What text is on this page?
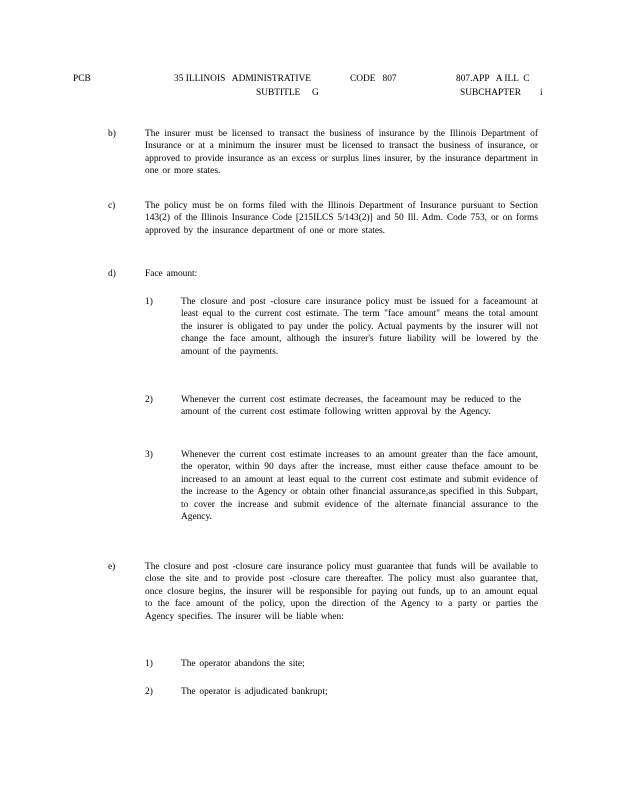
PCB	35 ILLINOIS   ADMINISTRATIVE	CODE   807	807.APP   A ILL  C
SUBTITLE     G	SUBCHAPTER i
b)	The insurer must be licensed to transact the business of insurance by the Illinois Department of Insurance or at a minimum the insurer must be licensed to transact the business of insurance, or approved to provide insurance as an excess or surplus lines insurer, by the insurance department in one or more states.
c)	The policy must be on forms filed with the Illinois Department of Insurance pursuant to Section 143(2) of the Illinois Insurance Code [215ILCS 5/143(2)] and 50 Ill. Adm. Code 753, or on forms approved by the insurance department of one or more states.
d)	Face amount:
1)	The closure and post -closure care insurance policy must be issued for a faceamount at least equal to the current cost estimate. The term "face amount" means the total amount the insurer is obligated to pay under the policy. Actual payments by the insurer will not change the face amount, although the insurer's future liability will be lowered by the amount of the payments.
2)	Whenever the current cost estimate decreases, the faceamount may be reduced to the amount of the current cost estimate following written approval by the Agency.
3)	Whenever the current cost estimate increases to an amount greater than the face amount, the operator, within 90 days after the increase, must either cause theface amount to be increased to an amount at least equal to the current cost estimate and submit evidence of the increase to the Agency or obtain other financial assurance,as specified in this Subpart, to cover the increase and submit evidence of the alternate financial assurance to the Agency.
e)	The closure and post -closure care insurance policy must guarantee that funds will be available to close the site and to provide post -closure care thereafter. The policy must also guarantee that, once closure begins, the insurer will be responsible for paying out funds, up to an amount equal to the face amount of the policy, upon the direction of the Agency to a party or parties the Agency specifies. The insurer will be liable when:
1)	The operator abandons the site;
2)	The operator is adjudicated bankrupt;
